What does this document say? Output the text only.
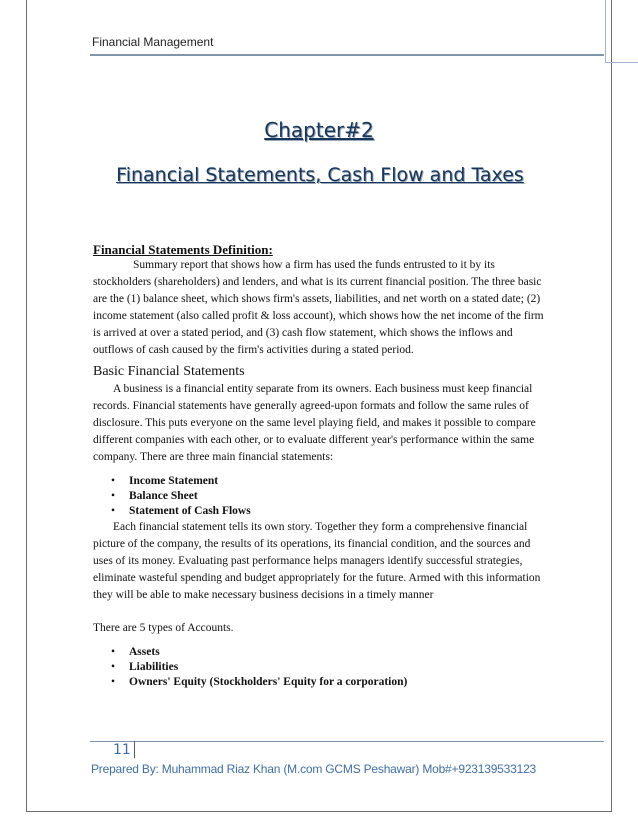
Financial Management
Chapter#2
Financial Statements, Cash Flow and Taxes

Financial Statements Definition:

Summary report that shows how a firm has used the funds entrusted to it by its stockholders (shareholders) and lenders, and what is its current financial position. The three basic are the (1) balance sheet, which shows firm's assets, liabilities, and net worth on a stated date; (2) income statement (also called profit & loss account), which shows how the net income of the firm is arrived at over a stated period, and (3) cash flow statement, which shows the inflows and outflows of cash caused by the firm's activities during a stated period.

Basic Financial Statements

A business is a financial entity separate from its owners. Each business must keep financial records. Financial statements have generally agreed-upon formats and follow the same rules of disclosure. This puts everyone on the same level playing field, and makes it possible to compare different companies with each other, or to evaluate different year's performance within the same company. There are three main financial statements:

• Income Statement
• Balance Sheet
• Statement of Cash Flows

Each financial statement tells its own story. Together they form a comprehensive financial picture of the company, the results of its operations, its financial condition, and the sources and uses of its money. Evaluating past performance helps managers identify successful strategies, eliminate wasteful spending and budget appropriately for the future. Armed with this information they will be able to make necessary business decisions in a timely manner

There are 5 types of Accounts.

• Assets
• Liabilities
• Owners' Equity (Stockholders' Equity for a corporation)
11
Prepared By: Muhammad Riaz Khan (M.com GCMS Peshawar) Mob#+923139533123
